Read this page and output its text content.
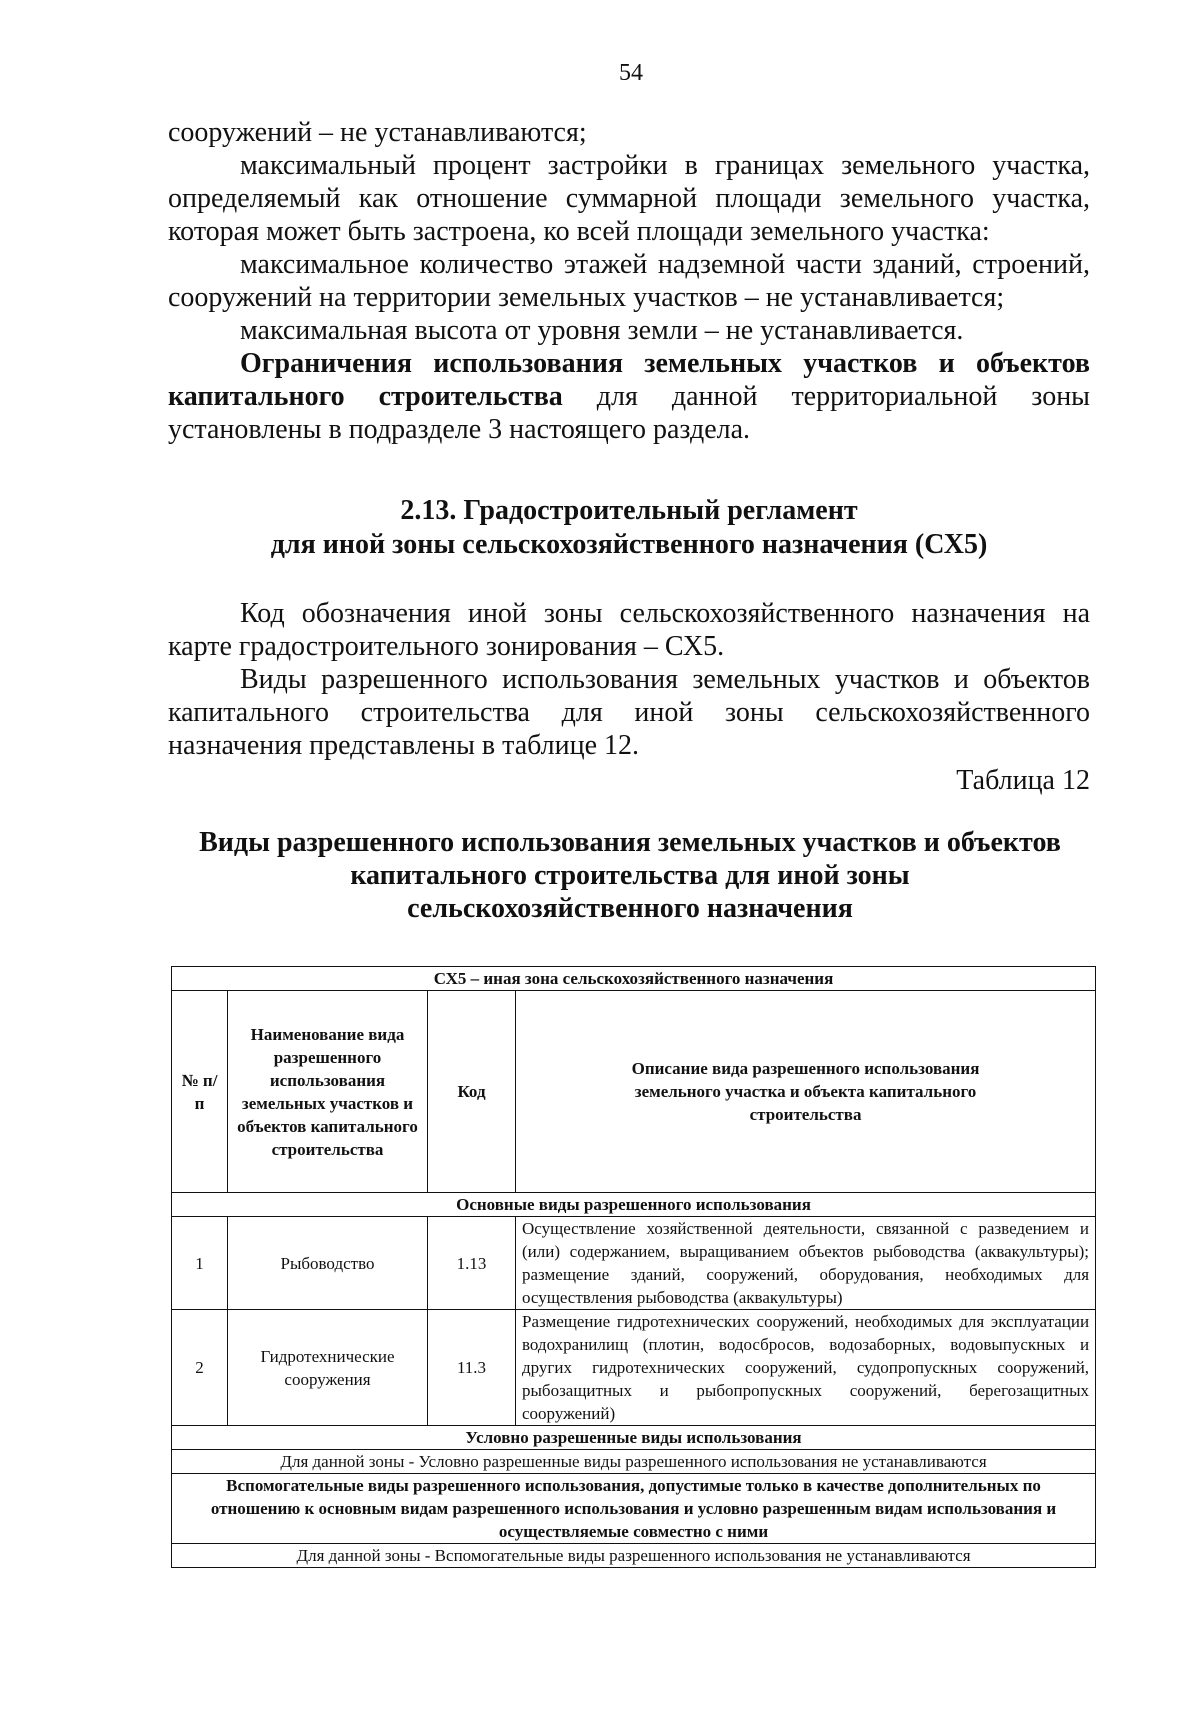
54

сооружений – не устанавливаются;

максимальный процент застройки в границах земельного участка, определяемый как отношение суммарной площади земельного участка, которая может быть застроена, ко всей площади земельного участка:

максимальное количество этажей надземной части зданий, строений, сооружений на территории земельных участков – не устанавливается;

максимальная высота от уровня земли – не устанавливается.

Ограничения использования земельных участков и объектов капитального строительства для данной территориальной зоны установлены в подразделе 3 настоящего раздела.

2.13. Градостроительный регламент
для иной зоны сельскохозяйственного назначения (СХ5)

Код обозначения иной зоны сельскохозяйственного назначения на карте градостроительного зонирования – СХ5.

Виды разрешенного использования земельных участков и объектов капитального строительства для иной зоны сельскохозяйственного назначения представлены в таблице 12.

Таблица 12
Виды разрешенного использования земельных участков и объектов
капитального строительства для иной зоны
сельскохозяйственного назначения
СХ5 – иная зона сельскохозяйственного назначения			
№ п/п	Наименование вида разрешенного использования земельных участков и объектов капитального строительства	Код	Описание вида разрешенного использования земельного участка и объекта капитального строительства
Основные виды разрешенного использования			
1	Рыбоводство	1.13	Осуществление хозяйственной деятельности, связанной с разведением и (или) содержанием, выращиванием объектов рыбоводства (аквакультуры); размещение зданий, сооружений, оборудования, необходимых для осуществления рыбоводства (аквакультуры)
2	Гидротехнические сооружения	11.3	Размещение гидротехнических сооружений, необходимых для эксплуатации водохранилищ (плотин, водосбросов, водозаборных, водовыпускных и других гидротехнических сооружений, судопропускных сооружений, рыбозащитных и рыбопропускных сооружений, берегозащитных сооружений)
Условно разрешенные виды использования			
Для данной зоны - Условно разрешенные виды разрешенного использования не устанавливаются			
Вспомогательные виды разрешенного использования, допустимые только в качестве дополнительных по отношению к основным видам разрешенного использования и условно разрешенным видам использования и осуществляемые совместно с ними			
Для данной зоны - Вспомогательные виды разрешенного использования не устанавливаются			
